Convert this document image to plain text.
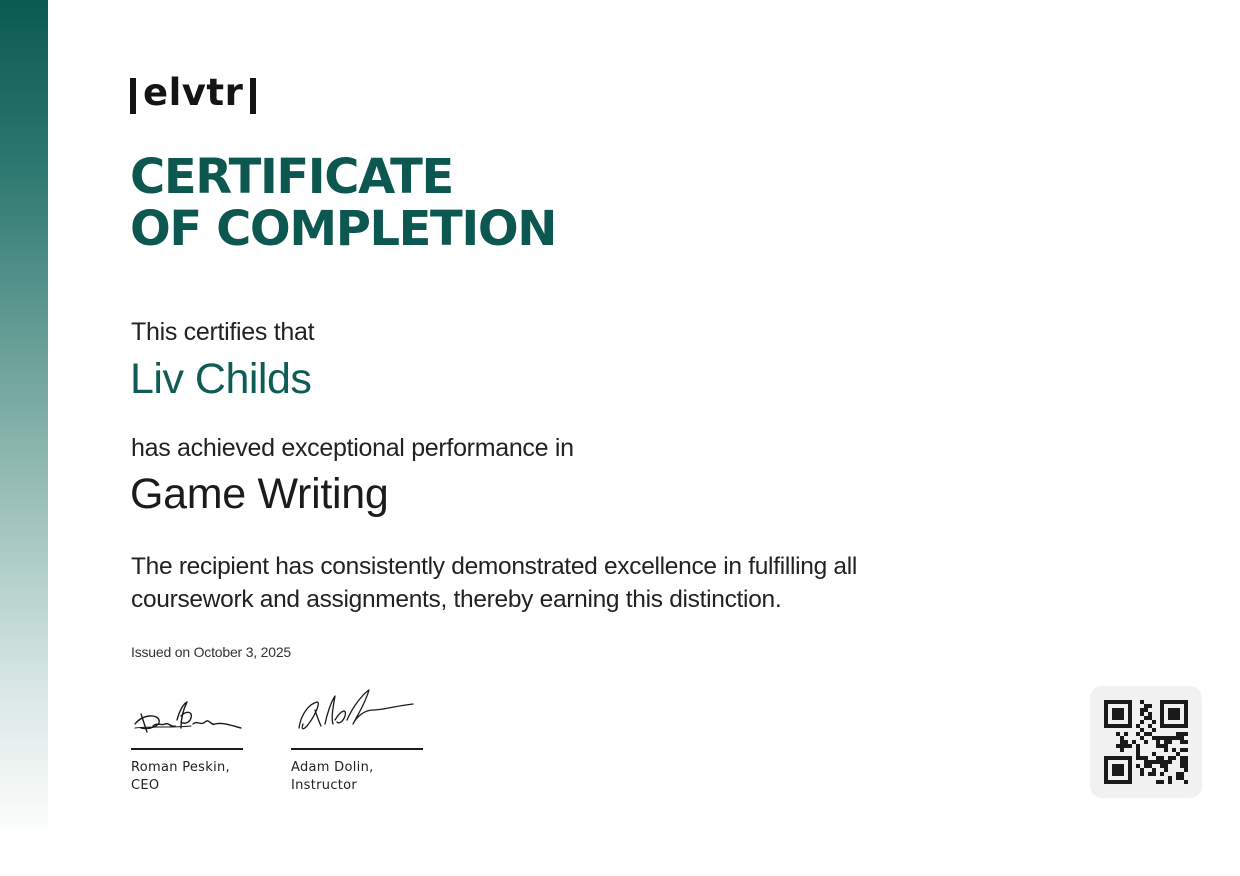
elvtr
CERTIFICATE
OF COMPLETION
This certifies that
Liv Childs
has achieved exceptional performance in
Game Writing
The recipient has consistently demonstrated excellence in fulfilling all coursework and assignments, thereby earning this distinction.
Issued on October 3, 2025
Roman Peskin,
CEO
Adam Dolin,
Instructor
